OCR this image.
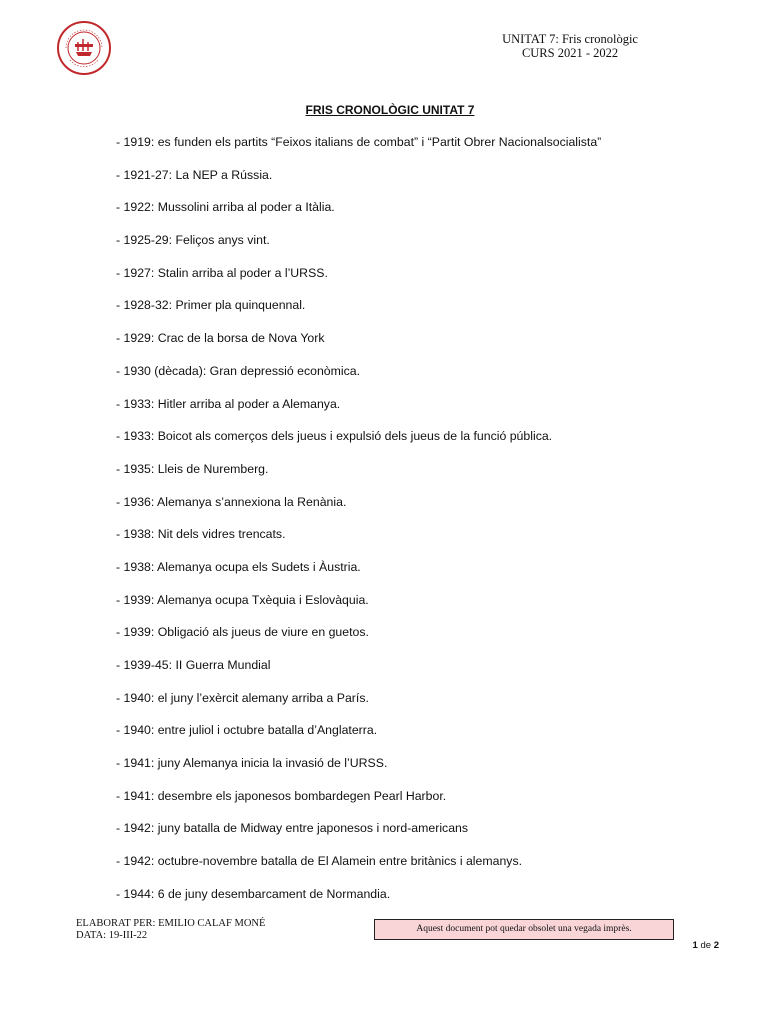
UNITAT 7: Fris cronològic
CURS 2021 - 2022
FRIS CRONOLÒGIC UNITAT 7
- 1919: es funden els partits “Feixos italians de combat” i “Partit Obrer Nacionalsocialista”
- 1921-27: La NEP a Rússia.
- 1922: Mussolini arriba al poder a Itàlia.
- 1925-29: Feliços anys vint.
- 1927: Stalin arriba al poder a l’URSS.
- 1928-32: Primer pla quinquennal.
- 1929: Crac de la borsa de Nova York
- 1930 (dècada): Gran depressió econòmica.
- 1933: Hitler arriba al poder a Alemanya.
- 1933: Boicot als comerços dels jueus i expulsió dels jueus de la funció pública.
- 1935: Lleis de Nuremberg.
- 1936: Alemanya s’annexiona la Renània.
- 1938: Nit dels vidres trencats.
- 1938: Alemanya ocupa els Sudets i Àustria.
- 1939: Alemanya ocupa Txèquia i Eslovàquia.
- 1939: Obligació als jueus de viure en guetos.
- 1939-45: II Guerra Mundial
- 1940: el juny l’exèrcit alemany arriba a París.
- 1940: entre juliol i octubre batalla d’Anglaterra.
- 1941: juny Alemanya inicia la invasió de l’URSS.
- 1941: desembre els japonesos bombardegen Pearl Harbor.
- 1942: juny batalla de Midway entre japonesos i nord-americans
- 1942: octubre-novembre batalla de El Alamein entre britànics i alemanys.
- 1944: 6 de juny desembarcament de Normandia.
ELABORAT PER: EMILIO CALAF MONÉ
DATA: 19-III-22
Aquest document pot quedar obsolet una vegada imprès.
1 de 2
